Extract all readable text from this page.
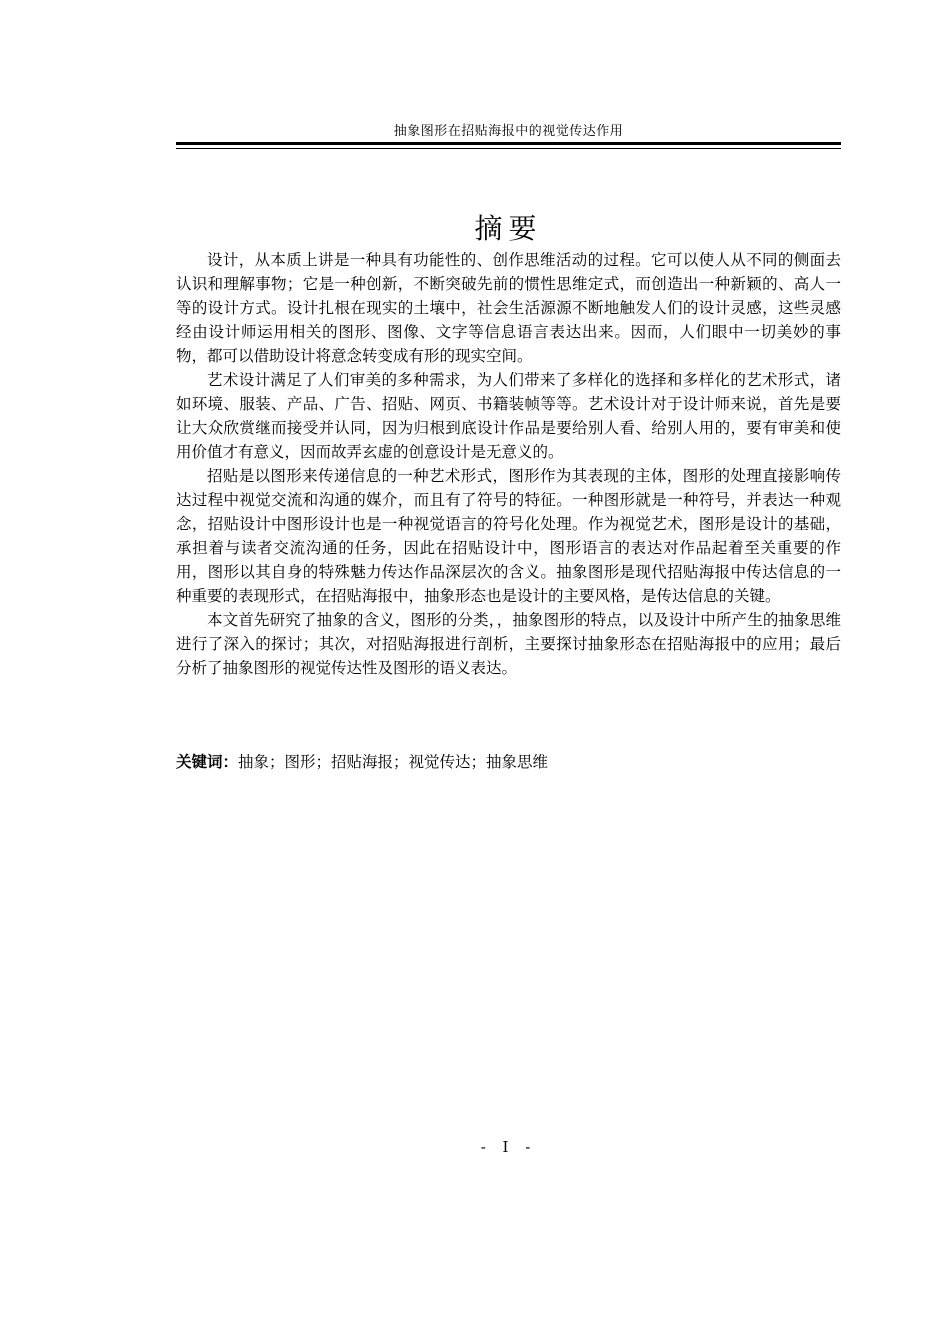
抽象图形在招贴海报中的视觉传达作用
摘要

设计，从本质上讲是一种具有功能性的、创作思维活动的过程。它可以使人从不同的侧面去认识和理解事物；它是一种创新，不断突破先前的惯性思维定式，而创造出一种新颖的、高人一等的设计方式。设计扎根在现实的土壤中，社会生活源源不断地触发人们的设计灵感，这些灵感经由设计师运用相关的图形、图像、文字等信息语言表达出来。因而，人们眼中一切美妙的事物，都可以借助设计将意念转变成有形的现实空间。

艺术设计满足了人们审美的多种需求，为人们带来了多样化的选择和多样化的艺术形式，诸如环境、服装、产品、广告、招贴、网页、书籍装帧等等。艺术设计对于设计师来说，首先是要让大众欣赏继而接受并认同，因为归根到底设计作品是要给别人看、给别人用的，要有审美和使用价值才有意义，因而故弄玄虚的创意设计是无意义的。

招贴是以图形来传递信息的一种艺术形式，图形作为其表现的主体，图形的处理直接影响传达过程中视觉交流和沟通的媒介，而且有了符号的特征。一种图形就是一种符号，并表达一种观念，招贴设计中图形设计也是一种视觉语言的符号化处理。作为视觉艺术，图形是设计的基础，承担着与读者交流沟通的任务，因此在招贴设计中，图形语言的表达对作品起着至关重要的作用，图形以其自身的特殊魅力传达作品深层次的含义。抽象图形是现代招贴海报中传达信息的一种重要的表现形式，在招贴海报中，抽象形态也是设计的主要风格，是传达信息的关键。

本文首先研究了抽象的含义，图形的分类，，抽象图形的特点，以及设计中所产生的抽象思维进行了深入的探讨；其次，对招贴海报进行剖析，主要探讨抽象形态在招贴海报中的应用；最后分析了抽象图形的视觉传达性及图形的语义表达。

关键词：抽象；图形；招贴海报；视觉传达；抽象思维
- I -
